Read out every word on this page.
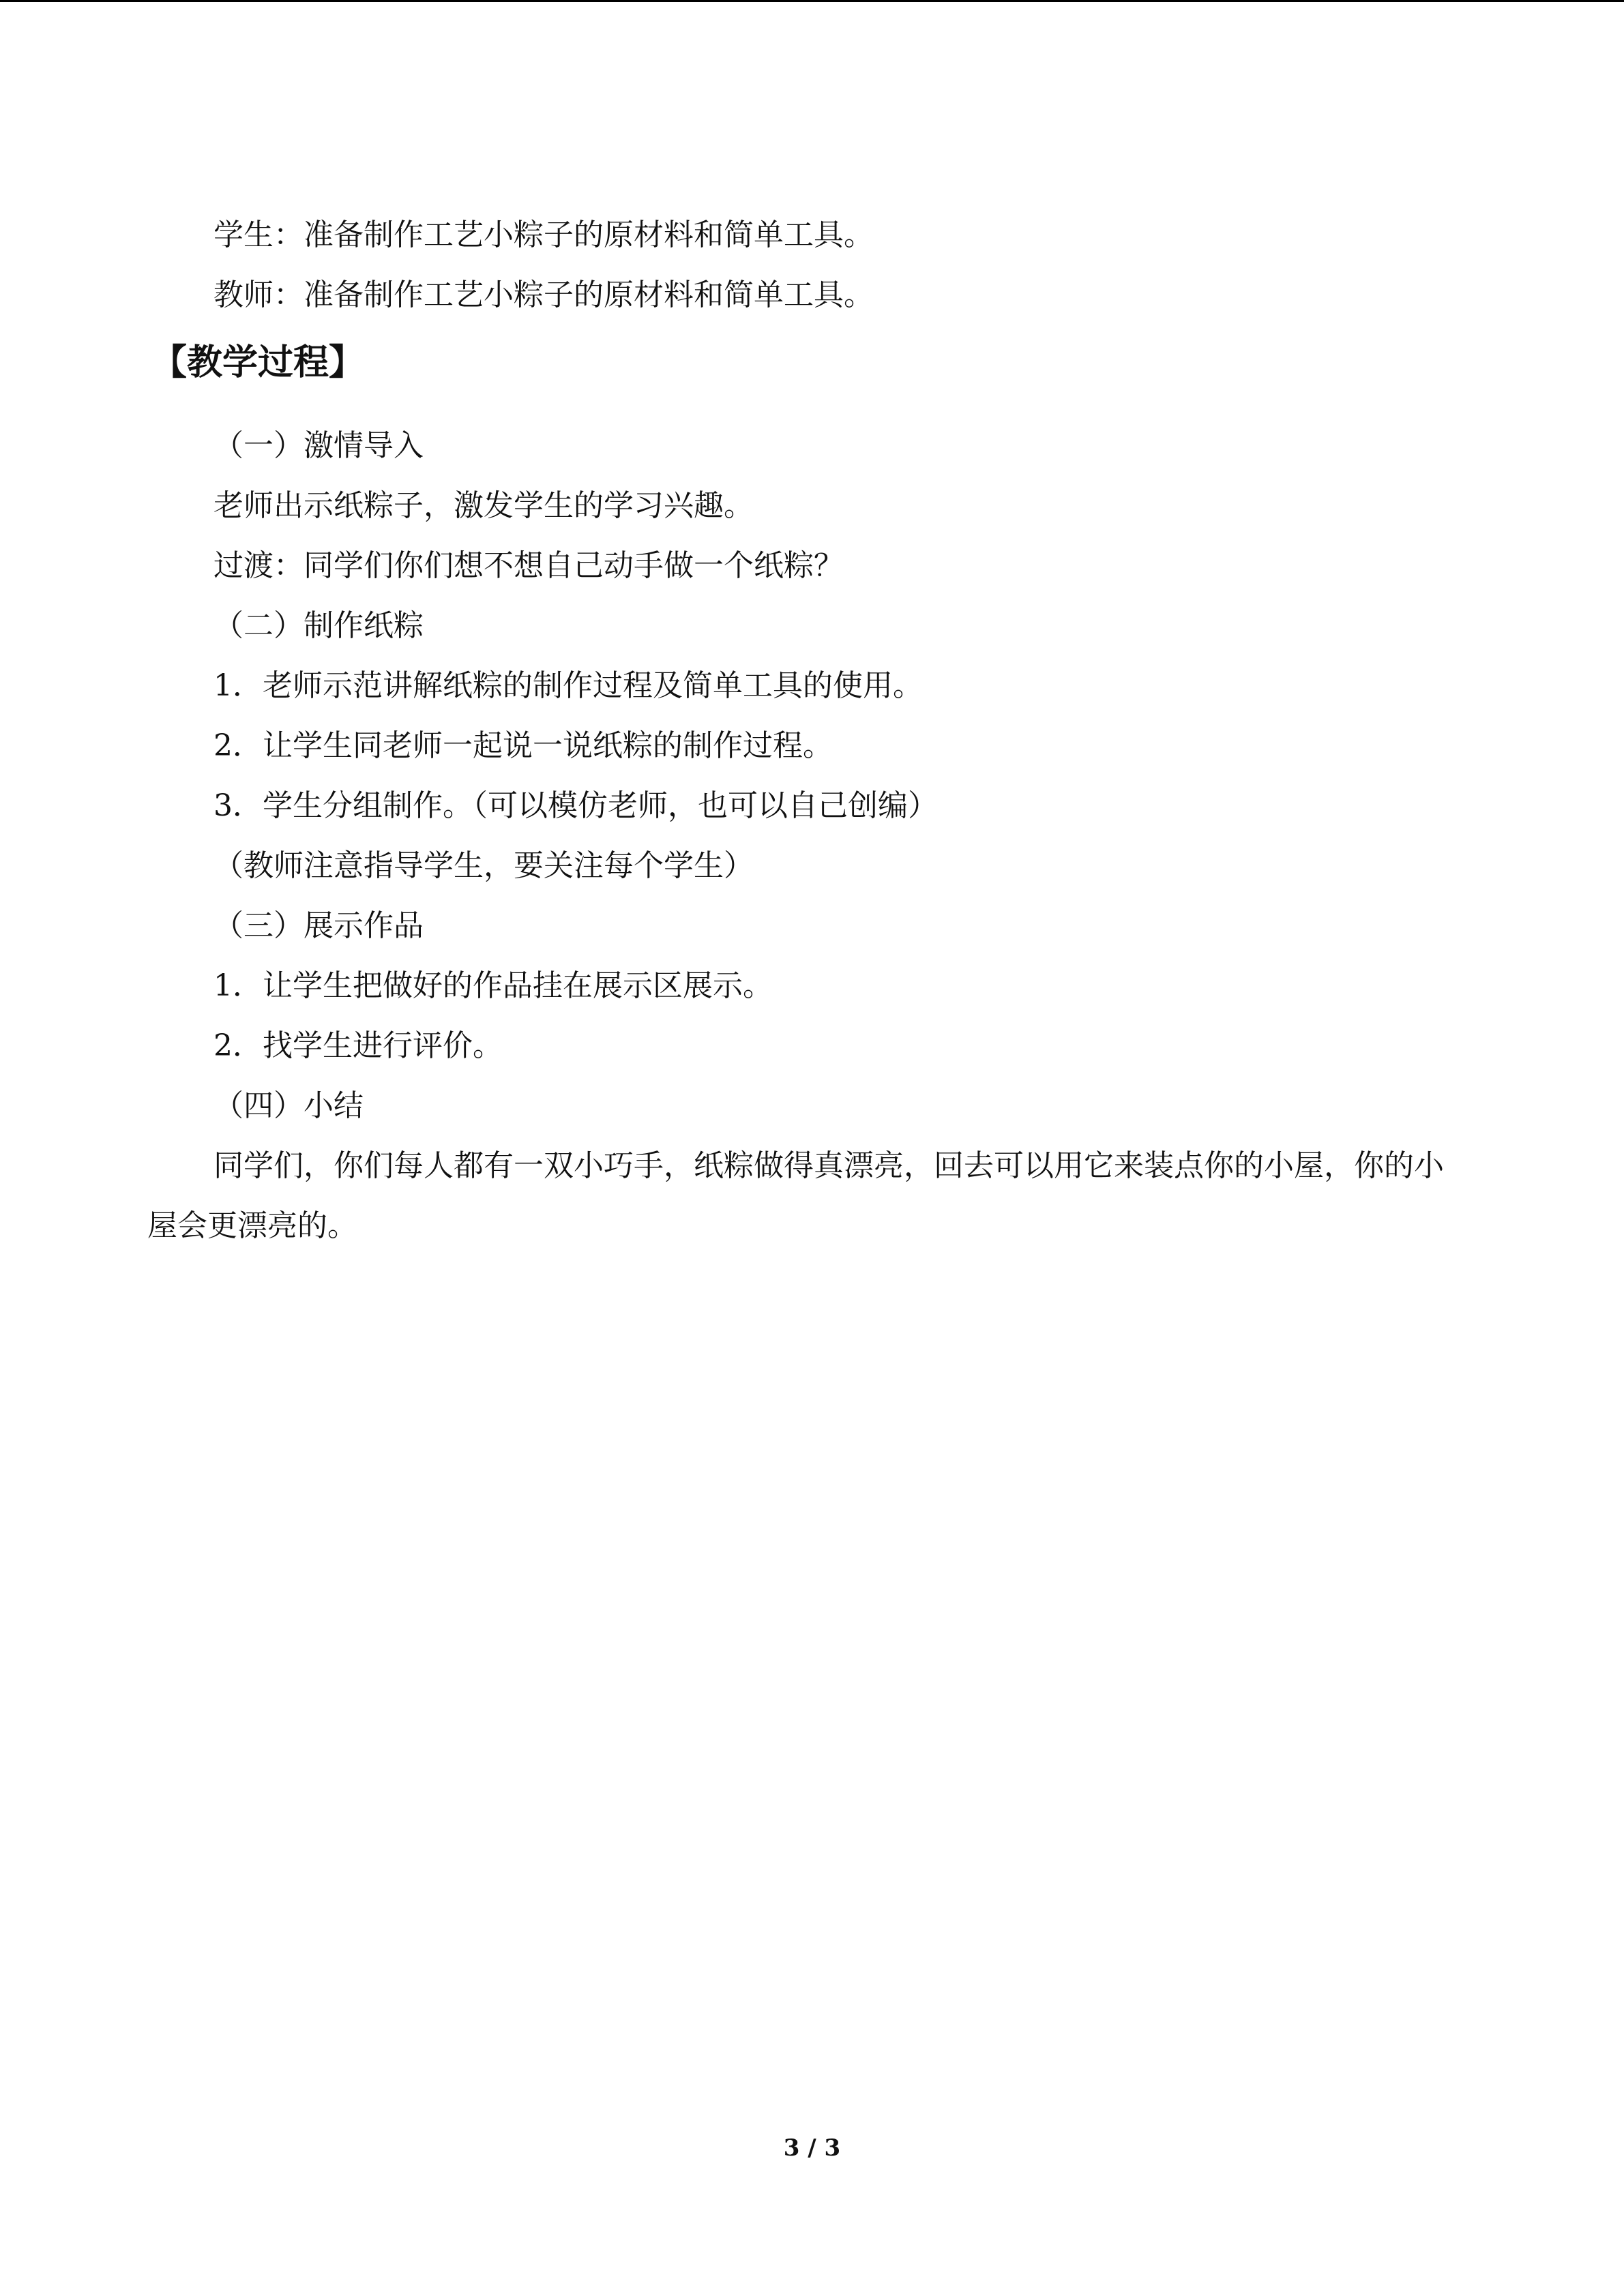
学生：准备制作工艺小粽子的原材料和简单工具。
教师：准备制作工艺小粽子的原材料和简单工具。
【教学过程】
（一）激情导入
老师出示纸粽子，激发学生的学习兴趣。
过渡：同学们你们想不想自己动手做一个纸粽？
（二）制作纸粽
1．老师示范讲解纸粽的制作过程及简单工具的使用。
2．让学生同老师一起说一说纸粽的制作过程。
3．学生分组制作。（可以模仿老师，也可以自己创编）
（教师注意指导学生，要关注每个学生）
（三）展示作品
1．让学生把做好的作品挂在展示区展示。
2．找学生进行评价。
（四）小结
同学们，你们每人都有一双小巧手，纸粽做得真漂亮，回去可以用它来装点你的小屋，你的小屋会更漂亮的。
3 / 3
